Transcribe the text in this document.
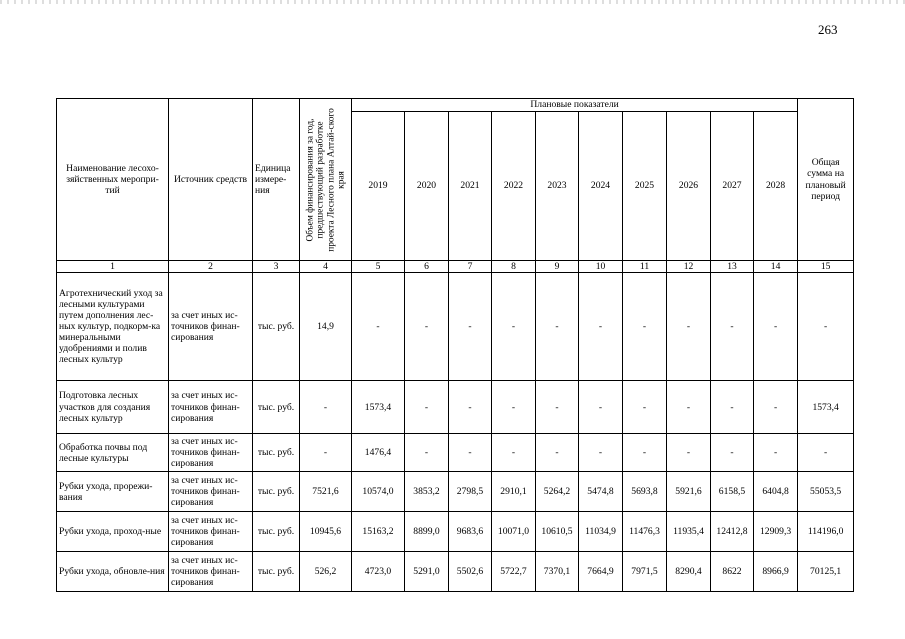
263
Наименование лесохо-зяйственных меропри-тий	Источник средств	Единица измере-ния	Объем финансирования за год, предшествующий разработке проекта Лесного плана Алтай-ского края	Плановые показатели										Общая сумма на плановый период
				2019	2020	2021	2022	2023	2024	2025	2026	2027	2028	
1	2	3	4	5	6	7	8	9	10	11	12	13	14	15
Агротехнический уход за лесными культурами путем дополнения лес-ных культур, подкорм-ка минеральными удобрениями и полив лесных культур	за счет иных ис-точников финан-сирования	тыс. руб.	14,9	-	-	-	-	-	-	-	-	-	-	-
Подготовка лесных участков для создания лесных культур	за счет иных ис-точников финан-сирования	тыс. руб.	-	1573,4	-	-	-	-	-	-	-	-	-	1573,4
Обработка почвы под лесные культуры	за счет иных ис-точников финан-сирования	тыс. руб.	-	1476,4	-	-	-	-	-	-	-	-	-	-
Рубки ухода, прорежи-вания	за счет иных ис-точников финан-сирования	тыс. руб.	7521,6	10574,0	3853,2	2798,5	2910,1	5264,2	5474,8	5693,8	5921,6	6158,5	6404,8	55053,5
Рубки ухода, проход-ные	за счет иных ис-точников финан-сирования	тыс. руб.	10945,6	15163,2	8899,0	9683,6	10071,0	10610,5	11034,9	11476,3	11935,4	12412,8	12909,3	114196,0
Рубки ухода, обновле-ния	за счет иных ис-точников финан-сирования	тыс. руб.	526,2	4723,0	5291,0	5502,6	5722,7	7370,1	7664,9	7971,5	8290,4	8622	8966,9	70125,1
